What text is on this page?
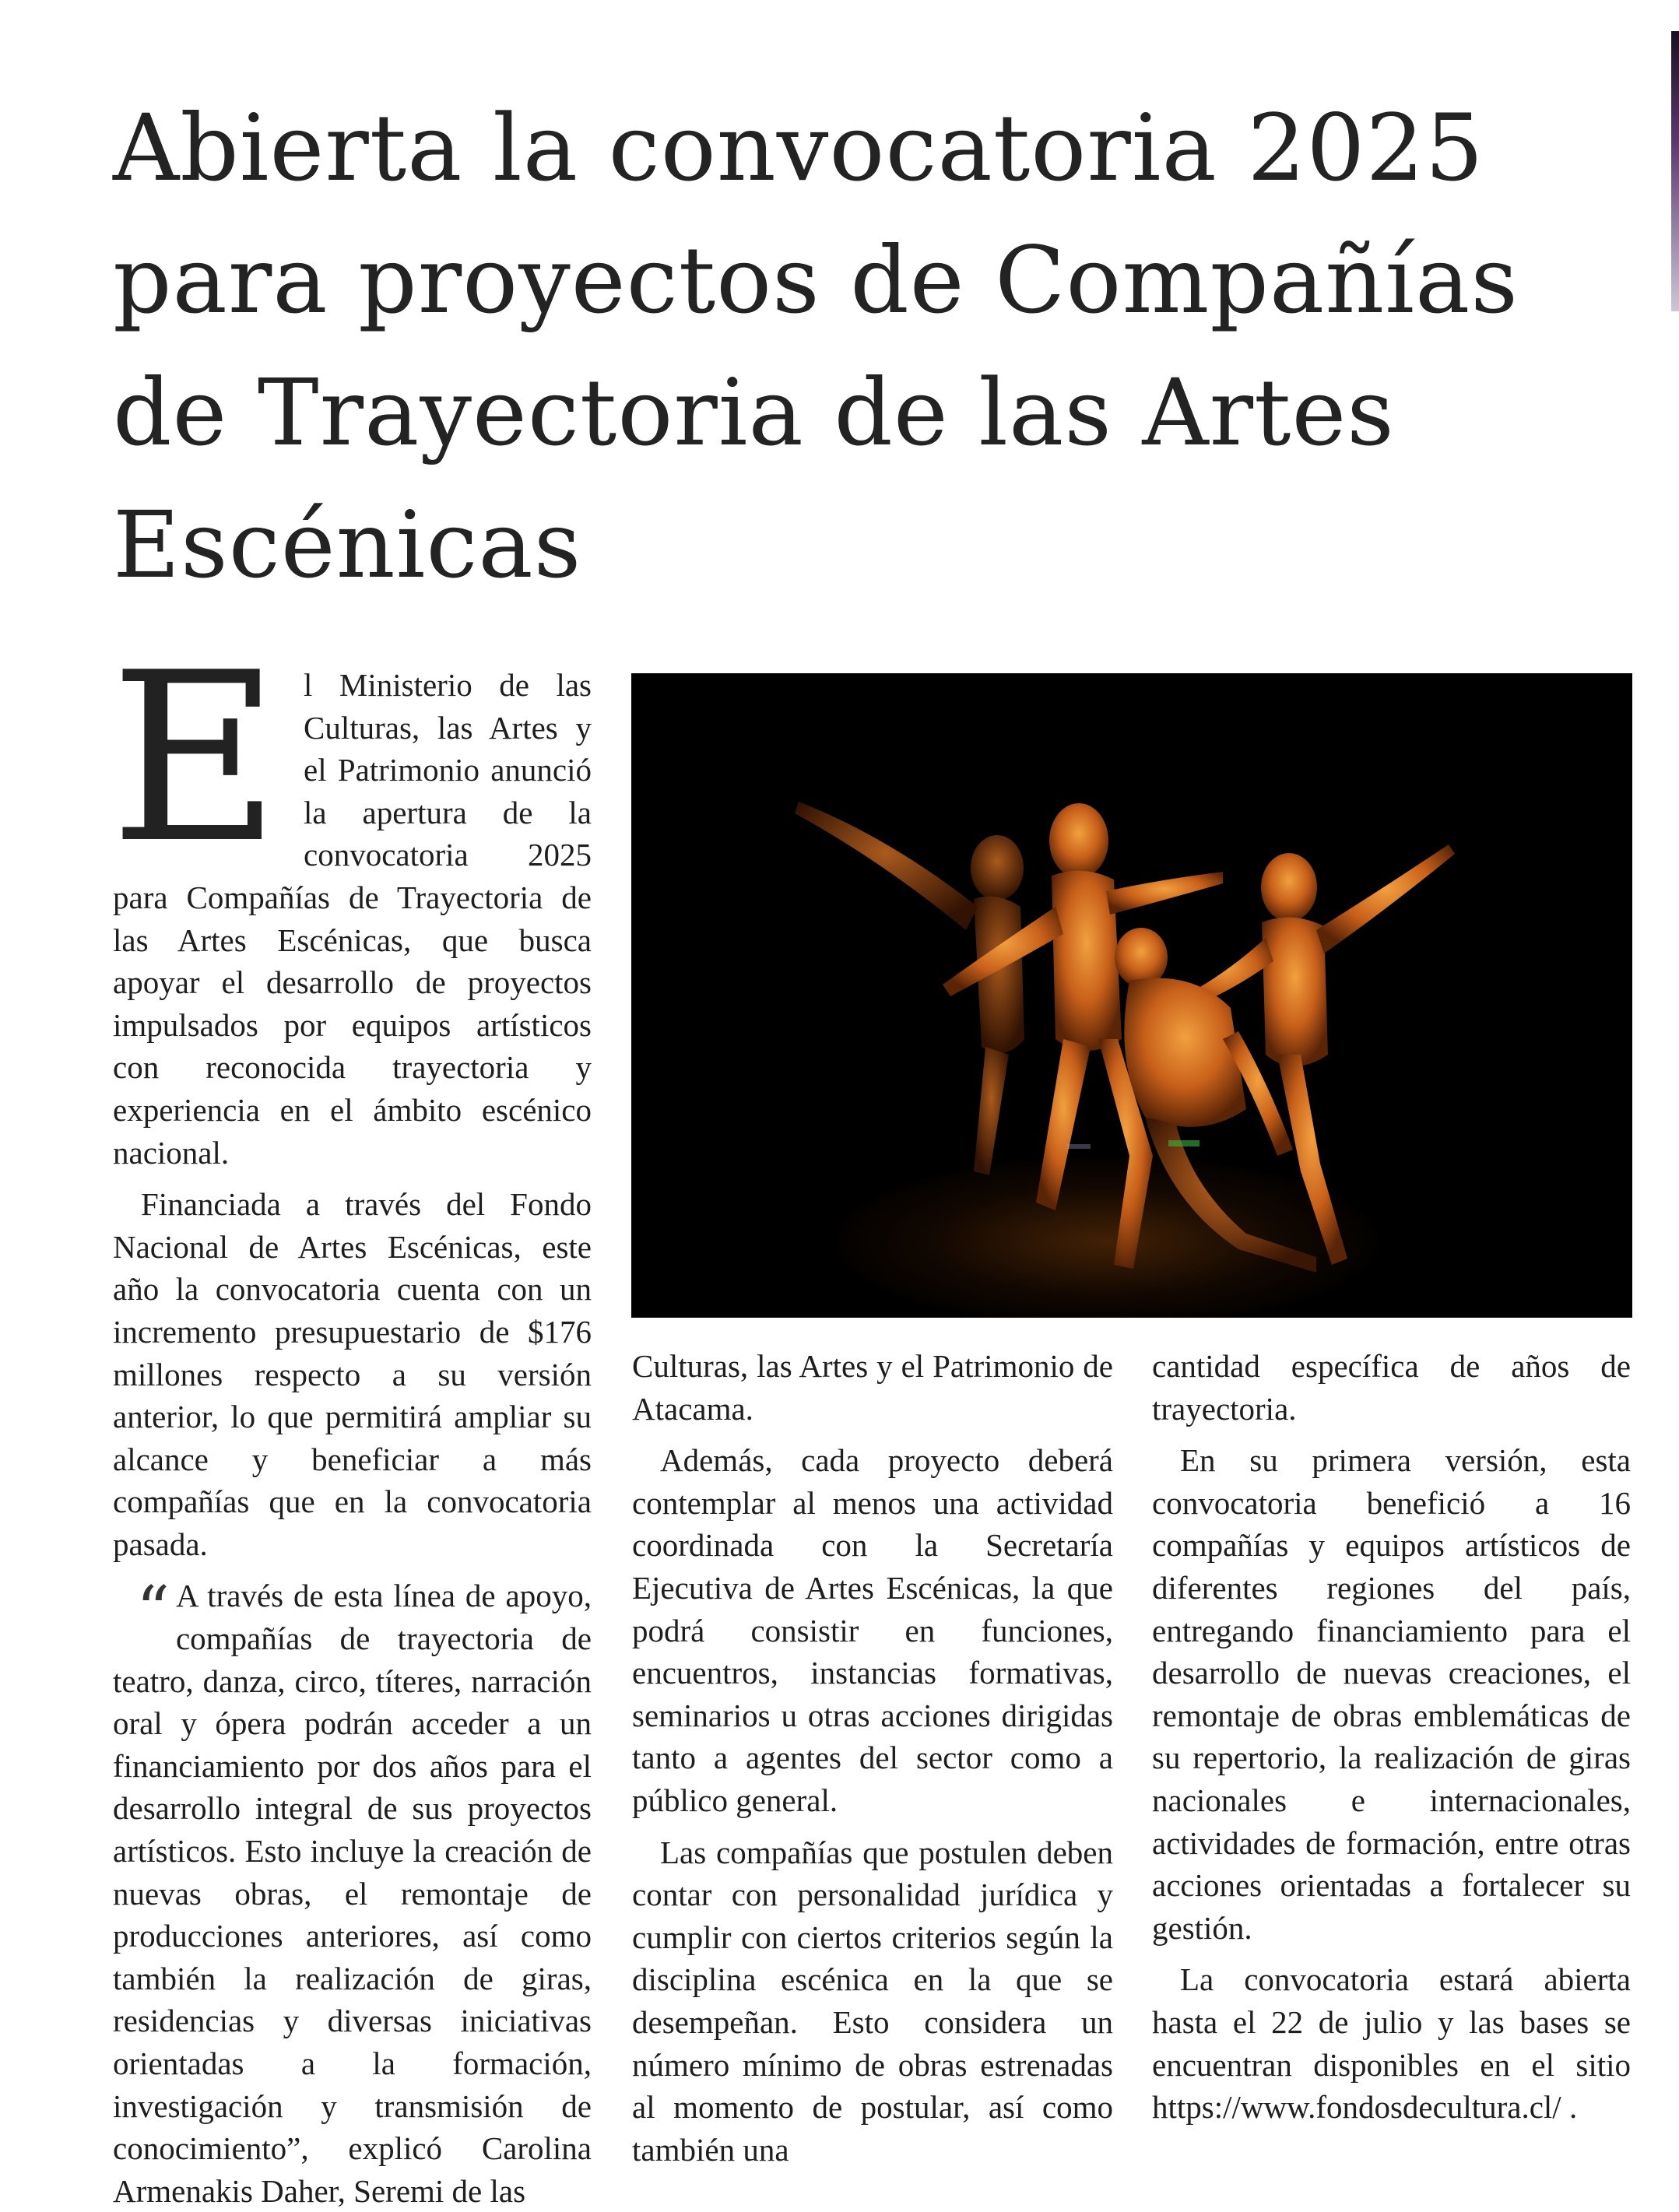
Abierta la convocatoria 2025 para proyectos de Compañías de Trayectoria de las Artes Escénicas

El Ministerio de las Culturas, las Artes y el Patrimonio anunció la apertura de la convocatoria 2025 para Compañías de Trayectoria de las Artes Escénicas, que busca apoyar el desarrollo de proyectos impulsados por equipos artísticos con reconocida trayectoria y experiencia en el ámbito escénico nacional.

Financiada a través del Fondo Nacional de Artes Escénicas, este año la convocatoria cuenta con un incremento presupuestario de $176 millones respecto a su versión anterior, lo que permitirá ampliar su alcance y beneficiar a más compañías que en la convocatoria pasada.

“ A través de esta línea de apoyo, compañías de trayectoria de teatro, danza, circo, títeres, narración oral y ópera podrán acceder a un financiamiento por dos años para el desarrollo integral de sus proyectos artísticos. Esto incluye la creación de nuevas obras, el remontaje de producciones anteriores, así como también la realización de giras, residencias y diversas iniciativas orientadas a la formación, investigación y transmisión de conocimiento”, explicó Carolina Armenakis Daher, Seremi de las

Culturas, las Artes y el Patrimonio de Atacama.

Además, cada proyecto deberá contemplar al menos una actividad coordinada con la Secretaría Ejecutiva de Artes Escénicas, la que podrá consistir en funciones, encuentros, instancias formativas, seminarios u otras acciones dirigidas tanto a agentes del sector como a público general.

Las compañías que postulen deben contar con personalidad jurídica y cumplir con ciertos criterios según la disciplina escénica en la que se desempeñan. Esto considera un número mínimo de obras estrenadas al momento de postular, así como también una

cantidad específica de años de trayectoria.

En su primera versión, esta convocatoria benefició a 16 compañías y equipos artísticos de diferentes regiones del país, entregando financiamiento para el desarrollo de nuevas creaciones, el remontaje de obras emblemáticas de su repertorio, la realización de giras nacionales e internacionales, actividades de formación, entre otras acciones orientadas a fortalecer su gestión.

La convocatoria estará abierta hasta el 22 de julio y las bases se encuentran disponibles en el sitio https://www.fondosdecultura.cl/ .
